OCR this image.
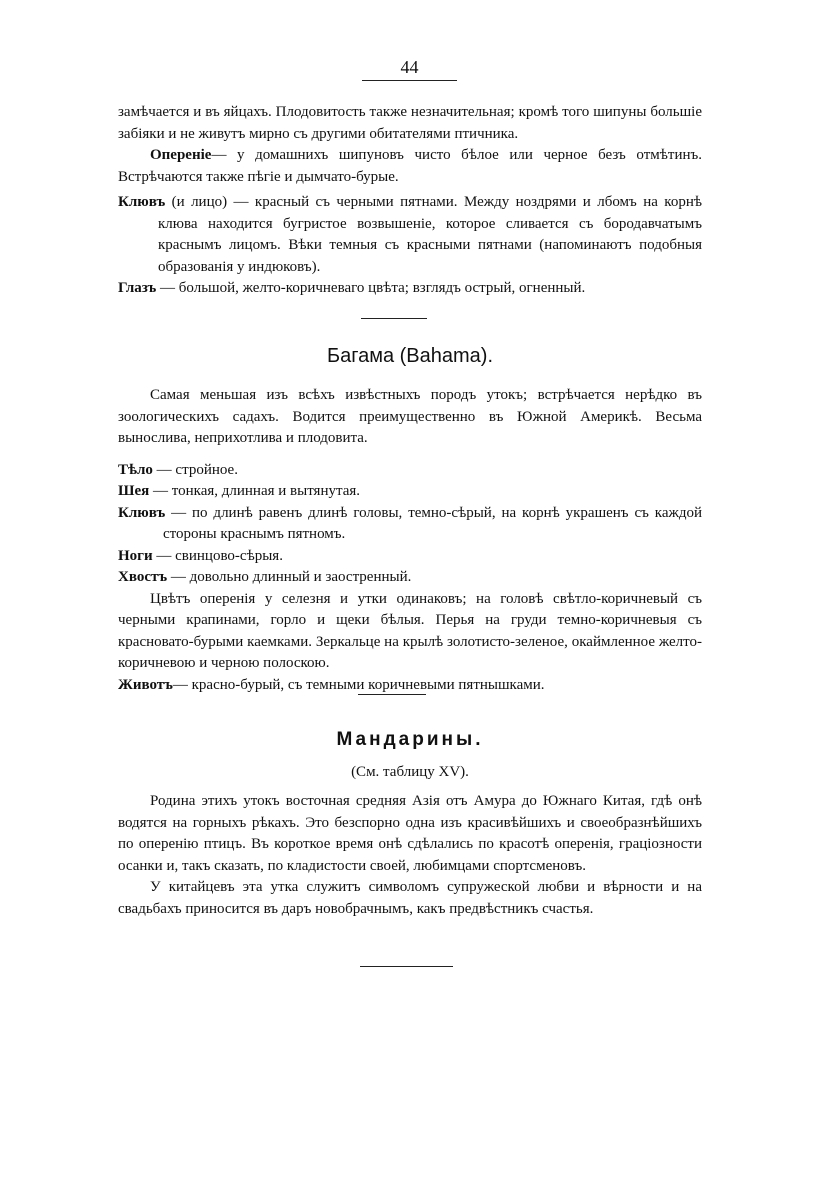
44

замѣчается и въ яйцахъ. Плодовитость также незначительная; кромѣ того шипуны большіе забіяки и не живутъ мирно съ другими обитателями птичника.

Опереніе— у домашнихъ шипуновъ чисто бѣлое или черное безъ отмѣтинъ. Встрѣчаются также пѣгіе и дымчато-бурые.

Клювъ (и лицо) — красный съ черными пятнами. Между ноздрями и лбомъ на корнѣ клюва находится бугристое возвышеніе, которое сливается съ бородавчатымъ краснымъ лицомъ. Вѣки темныя съ красными пятнами (напоминаютъ подобныя образованія у индюковъ).

Глазъ — большой, желто-коричневаго цвѣта; взглядъ острый, огненный.

Багама (Bahama).

Самая меньшая изъ всѣхъ извѣстныхъ породъ утокъ; встрѣчается нерѣдко въ зоологическихъ садахъ. Водится преимущественно въ Южной Америкѣ. Весьма выносливa, неприхотлива и плодовита.

Тѣло — стройное.

Шея — тонкая, длинная и вытянутая.

Клювъ — по длинѣ равенъ длинѣ головы, темно-сѣрый, на корнѣ украшенъ съ каждой стороны краснымъ пятномъ.

Ноги — свинцово-сѣрыя.

Хвостъ — довольно длинный и заостренный.

Цвѣтъ оперенія у селезня и утки одинаковъ; на головѣ свѣтло-коричневый съ черными крапинами, горло и щеки бѣлыя. Перья на груди темно-коричневыя съ красновато-бурыми каемками. Зеркальце на крылѣ золотисто-зеленое, окаймленное желто-коричневою и черною полоскою.

Животъ— красно-бурый, съ темными коричневыми пятнышками.

Мандарины.
(См. таблицу XV).

Родина этихъ утокъ восточная средняя Азія отъ Амура до Южнаго Китая, гдѣ онѣ водятся на горныхъ рѣкахъ. Это безспорно одна изъ красивѣйшихъ и своеобразнѣйшихъ по оперенію птицъ. Въ короткое время онѣ сдѣлались по красотѣ оперенія, граціозности осанки и, такъ сказать, по кладистости своей, любимцами спортсменовъ.

У китайцевъ эта утка служитъ символомъ супружеской любви и вѣрности и на свадьбахъ приносится въ даръ новобрачнымъ, какъ предвѣстникъ счастья.
